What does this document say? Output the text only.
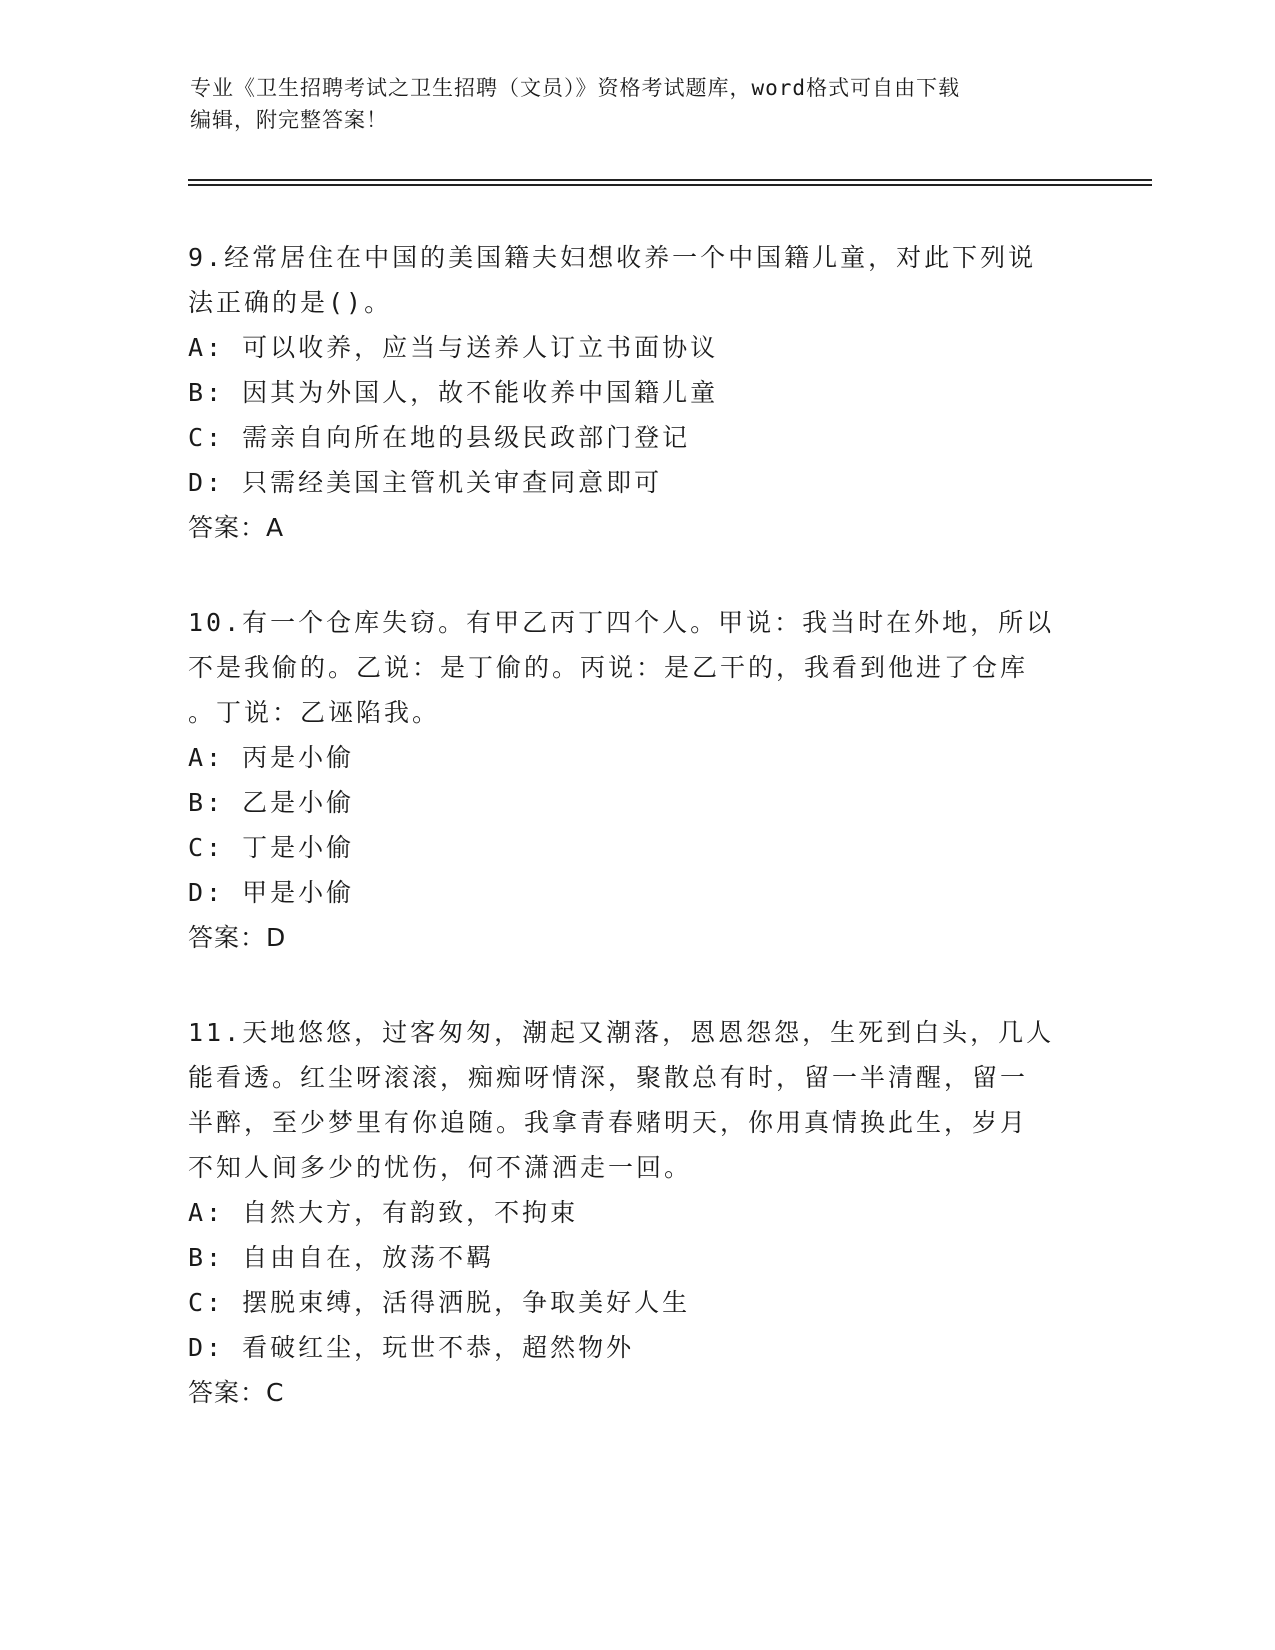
专业《卫生招聘考试之卫生招聘（文员）》资格考试题库，word格式可自由下载
编辑，附完整答案！
9.经常居住在中国的美国籍夫妇想收养一个中国籍儿童，对此下列说
法正确的是()。
A: 可以收养，应当与送养人订立书面协议
B: 因其为外国人，故不能收养中国籍儿童
C: 需亲自向所在地的县级民政部门登记
D: 只需经美国主管机关审查同意即可
答案：A
10.有一个仓库失窃。有甲乙丙丁四个人。甲说：我当时在外地，所以
不是我偷的。乙说：是丁偷的。丙说：是乙干的，我看到他进了仓库
。丁说：乙诬陷我。
A: 丙是小偷
B: 乙是小偷
C: 丁是小偷
D: 甲是小偷
答案：D
11.天地悠悠，过客匆匆，潮起又潮落，恩恩怨怨，生死到白头，几人
能看透。红尘呀滚滚，痴痴呀情深，聚散总有时，留一半清醒，留一
半醉，至少梦里有你追随。我拿青春赌明天，你用真情换此生，岁月
不知人间多少的忧伤，何不潇洒走一回。
A: 自然大方，有韵致，不拘束
B: 自由自在，放荡不羁
C: 摆脱束缚，活得洒脱，争取美好人生
D: 看破红尘，玩世不恭，超然物外
答案：C
